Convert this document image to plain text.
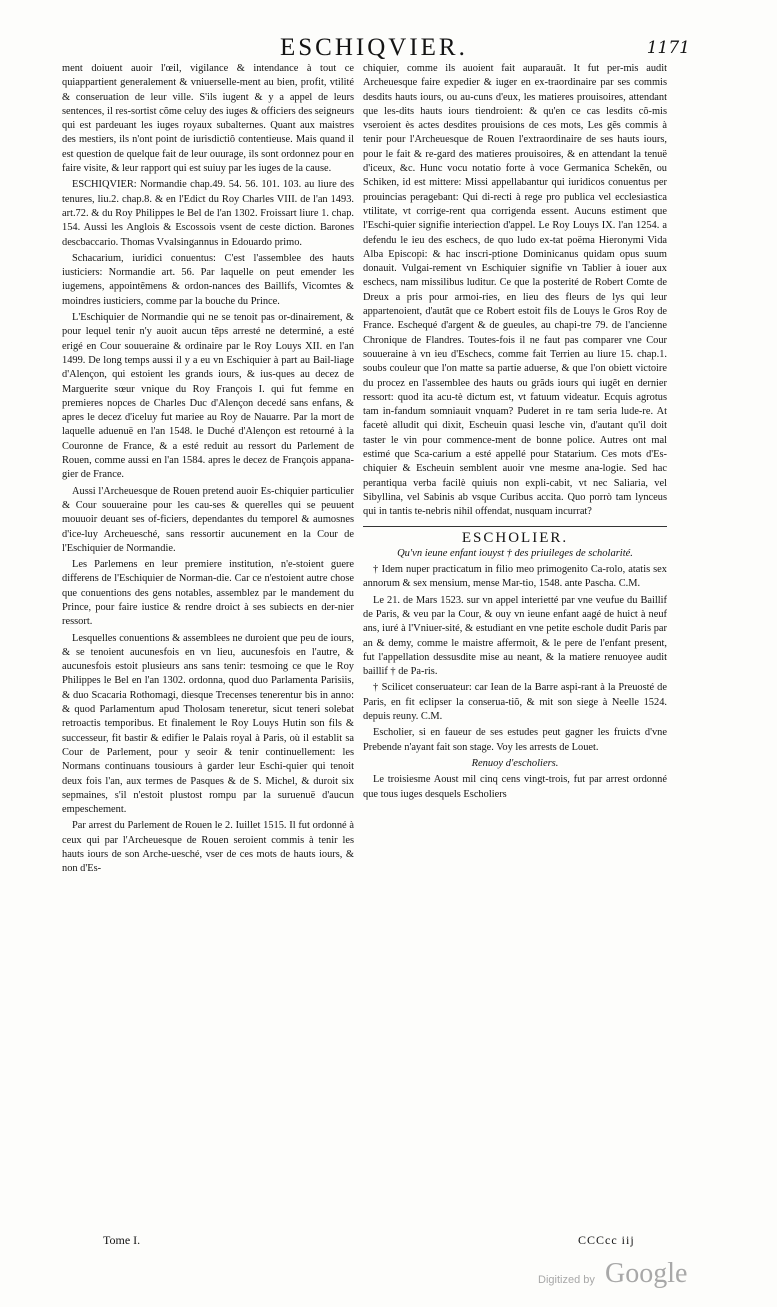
ESCHIQVIER.	1171

ment doiuent auoir l'œil, vigilance & intendance à tout ce quiappartient generalement & vniuerselle-ment au bien, profit, vtilité & conseruation de leur ville. S'ils iugent & y a appel de leurs sentences, il res-sortist cõme celuy des iuges & officiers des seigneurs qui est pardeuant les iuges royaux subalternes. Quant aux maistres des mestiers, ils n'ont point de iurisdictiõ contentieuse. Mais quand il est question de quelque fait de leur ouurage, ils sont ordonnez pour en faire visite, & leur rapport qui est suiuy par les iuges de la cause.

ESCHIQVIER: Normandie chap.49. 54. 56. 101. 103. au liure des tenures, liu.2. chap.8. & en l'Edict du Roy Charles VIII. de l'an 1493. art.72. & du Roy Philippes le Bel de l'an 1302. Froissart liure 1. chap. 154. Aussi les Anglois & Escossois vsent de ceste diction. Barones descbaccario. Thomas Vvalsingannus in Edouardo primo.

Schacarium, iuridici conuentus: C'est l'assemblee des hauts iusticiers: Normandie art. 56. Par laquelle on peut emender les iugemens, appointẽmens & ordon-nances des Baillifs, Vicomtes & moindres iusticiers, comme par la bouche du Prince.

L'Eschiquier de Normandie qui ne se tenoit pas or-dinairement, & pour lequel tenir n'y auoit aucun tẽps arresté ne determiné, a esté erigé en Cour souueraine & ordinaire par le Roy Louys XII. en l'an 1499. De long temps aussi il y a eu vn Eschiquier à part au Bail-liage d'Alençon, qui estoient les grands iours, & ius-ques au decez de Marguerite sœur vnique du Roy François I. qui fut femme en premieres nopces de Charles Duc d'Alençon decedé sans enfans, & apres le decez d'iceluy fut mariee au Roy de Nauarre. Par la mort de laquelle aduenuë en l'an 1548. le Duché d'Alençon est retourné à la Couronne de France, & a esté reduit au ressort du Parlement de Rouen, comme aussi en l'an 1584. apres le decez de François appana-gier de France.

Aussi l'Archeuesque de Rouen pretend auoir Es-chiquier particulier & Cour souueraine pour les cau-ses & querelles qui se peuuent mouuoir deuant ses of-ficiers, dependantes du temporel & aumosnes d'ice-luy Archeuesché, sans ressortir aucunement en la Cour de l'Eschiquier de Normandie.

Les Parlemens en leur premiere institution, n'e-stoient guere differens de l'Eschiquier de Norman-die. Car ce n'estoient autre chose que conuentions des gens notables, assemblez par le mandement du Prince, pour faire iustice & rendre droict à ses subiects en der-nier ressort.

Lesquelles conuentions & assemblees ne duroient que peu de iours, & se tenoient aucunesfois en vn lieu, aucunesfois en l'autre, & aucunesfois estoit plusieurs ans sans tenir: tesmoing ce que le Roy Philippes le Bel en l'an 1302. ordonna, quod duo Parlamenta Parisiis, & duo Scacaria Rothomagi, diesque Trecenses tenerentur bis in anno: & quod Parlamentum apud Tholosam teneretur, sicut teneri solebat retroactis temporibus. Et finalement le Roy Louys Hutin son fils & successeur, fit bastir & edifier le Palais royal à Paris, où il establit sa Cour de Parlement, pour y seoir & tenir continuellement: les Normans continuans tousiours à garder leur Eschi-quier qui tenoit deux fois l'an, aux termes de Pasques & de S. Michel, & duroit six sepmaines, s'il n'estoit plustost rompu par la suruenuë d'aucun empeschement.

Par arrest du Parlement de Rouen le 2. Iuillet 1515. Il fut ordonné à ceux qui par l'Archeuesque de Rouen seroient commis à tenir les hauts iours de son Arche-uesché, vser de ces mots de hauts iours, & non d'Es-

chiquier, comme ils auoient fait auparauãt. It fut per-mis audit Archeuesque faire expedier & iuger en ex-traordinaire par ses commis desdits hauts iours, ou au-cuns d'eux, les matieres prouisoires, attendant que les-dits hauts iours tiendroient: & qu'en ce cas lesdits cõ-mis vseroient ès actes desdites prouisions de ces mots, Les gẽs commis à tenir pour l'Archeuesque de Rouen l'extraordinaire de ses hauts iours, pour le fait & re-gard des matieres prouisoires, & en attendant la tenuë d'iceux, &c. Hunc vocu notatio forte à voce Germanica Schekẽn, ou Schiken, id est mittere: Missi appellabantur qui iuridicos conuentus per prouincias peragebant: Qui di-recti à rege pro publica vel ecclesiastica vtilitate, vt corrige-rent qua corrigenda essent. Aucuns estiment que l'Eschi-quier signifie interiection d'appel. Le Roy Louys IX. l'an 1254. a defendu le ieu des eschecs, de quo ludo ex-tat poëma Hieronymi Vida Alba Episcopi: & hac inscri-ptione Dominicanus quidam opus suum donauit. Vulgai-rement vn Eschiquier signifie vn Tablier à iouer aux eschecs, nam missilibus luditur. Ce que la posterité de Robert Comte de Dreux a pris pour armoi-ries, en lieu des fleurs de lys qui leur appartenoient, d'autãt que ce Robert estoit fils de Louys le Gros Roy de France. Eschequé d'argent & de gueules, au chapi-tre 79. de l'ancienne Chronique de Flandres. Toutes-fois il ne faut pas comparer vne Cour souueraine à vn ieu d'Eschecs, comme fait Terrien au liure 15. chap.1. soubs couleur que l'on matte sa partie aduerse, & que l'on obiett victoire du procez en l'assemblee des hauts ou grãds iours qui iugẽt en dernier ressort: quod ita acu-tè dictum est, vt fatuum videatur. Ecquis agrotus tam in-fandum somniauit vnquam? Puderet in re tam seria lude-re. At facetè alludit qui dixit, Escheuin quasi lesche vin, d'autant qu'il doit taster le vin pour commence-ment de bonne police. Autres ont mal estimé que Sca-carium a esté appellé pour Statarium. Ces mots d'Es-chiquier & Escheuin semblent auoir vne mesme ana-logie. Sed hac perantiqua verba facilè quiuis non expli-cabit, vt nec Saliaria, vel Sibyllina, vel Sabinis ab vsque Curibus accita. Quo porrò tam lynceus qui in tantis te-nebris nihil offendat, nusquam incurrat?

ESCHOLIER.

Qu'vn ieune enfant iouyst † des priuileges de scholarité.

† Idem nuper practicatum in filio meo primogenito Ca-rolo, atatis sex annorum & sex mensium, mense Mar-tio, 1548. ante Pascha. C.M.

Le 21. de Mars 1523. sur vn appel interietté par vne veufue du Baillif de Paris, & veu par la Cour, & ouy vn ieune enfant aagé de huict à neuf ans, iuré à l'Vniuer-sité, & estudiant en vne petite eschole dudit Paris par an & demy, comme le maistre affermoit, & le pere de l'enfant present, fut l'appellation dessusdite mise au neant, & la matiere renuoyee audit baillif † de Pa-ris.

† Scilicet conseruateur: car Iean de la Barre aspi-rant à la Preuosté de Paris, en fit eclipser la conserua-tiõ, & mit son siege à Neelle 1524. depuis reuny. C.M.

Escholier, si en faueur de ses estudes peut gagner les fruicts d'vne Prebende n'ayant fait son stage. Voy les arrests de Louet.

Renuoy d'escholiers.

Le troisiesme Aoust mil cinq cens vingt-trois, fut par arrest ordonné que tous iuges desquels Escholiers

Tome I.	CCCcc iij
Digitized by Google
